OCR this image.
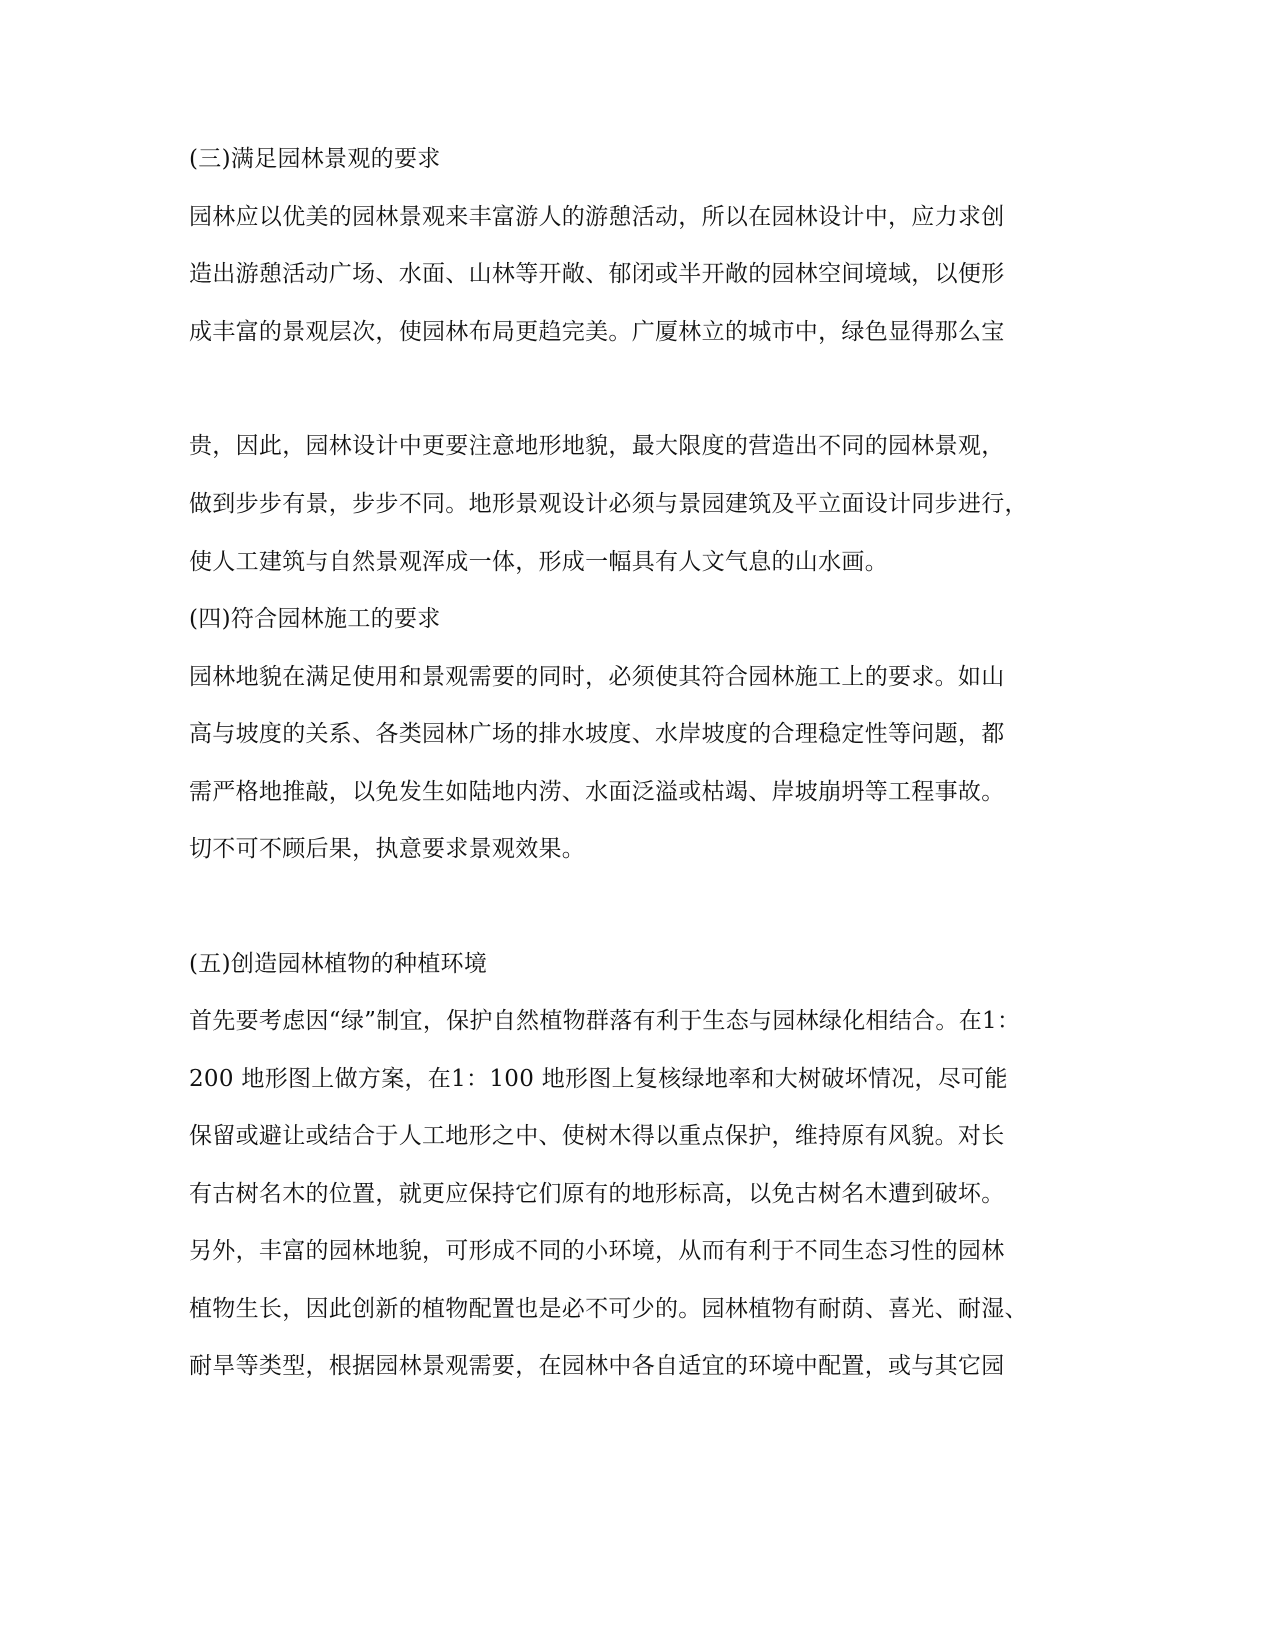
(三)满足园林景观的要求
园林应以优美的园林景观来丰富游人的游憩活动，所以在园林设计中，应力求创
造出游憩活动广场、水面、山林等开敞、郁闭或半开敞的园林空间境域，以便形
成丰富的景观层次，使园林布局更趋完美。广厦林立的城市中，绿色显得那么宝
贵，因此，园林设计中更要注意地形地貌，最大限度的营造出不同的园林景观，
做到步步有景，步步不同。地形景观设计必须与景园建筑及平立面设计同步进行，
使人工建筑与自然景观浑成一体，形成一幅具有人文气息的山水画。
(四)符合园林施工的要求
园林地貌在满足使用和景观需要的同时，必须使其符合园林施工上的要求。如山
高与坡度的关系、各类园林广场的排水坡度、水岸坡度的合理稳定性等问题，都
需严格地推敲，以免发生如陆地内涝、水面泛溢或枯竭、岸坡崩坍等工程事故。
切不可不顾后果，执意要求景观效果。
(五)创造园林植物的种植环境
首先要考虑因“绿”制宜，保护自然植物群落有利于生态与园林绿化相结合。在1：
200 地形图上做方案，在1：100 地形图上复核绿地率和大树破坏情况，尽可能
保留或避让或结合于人工地形之中、使树木得以重点保护，维持原有风貌。对长
有古树名木的位置，就更应保持它们原有的地形标高，以免古树名木遭到破坏。
另外，丰富的园林地貌，可形成不同的小环境，从而有利于不同生态习性的园林
植物生长，因此创新的植物配置也是必不可少的。园林植物有耐荫、喜光、耐湿、
耐旱等类型，根据园林景观需要，在园林中各自适宜的环境中配置，或与其它园
